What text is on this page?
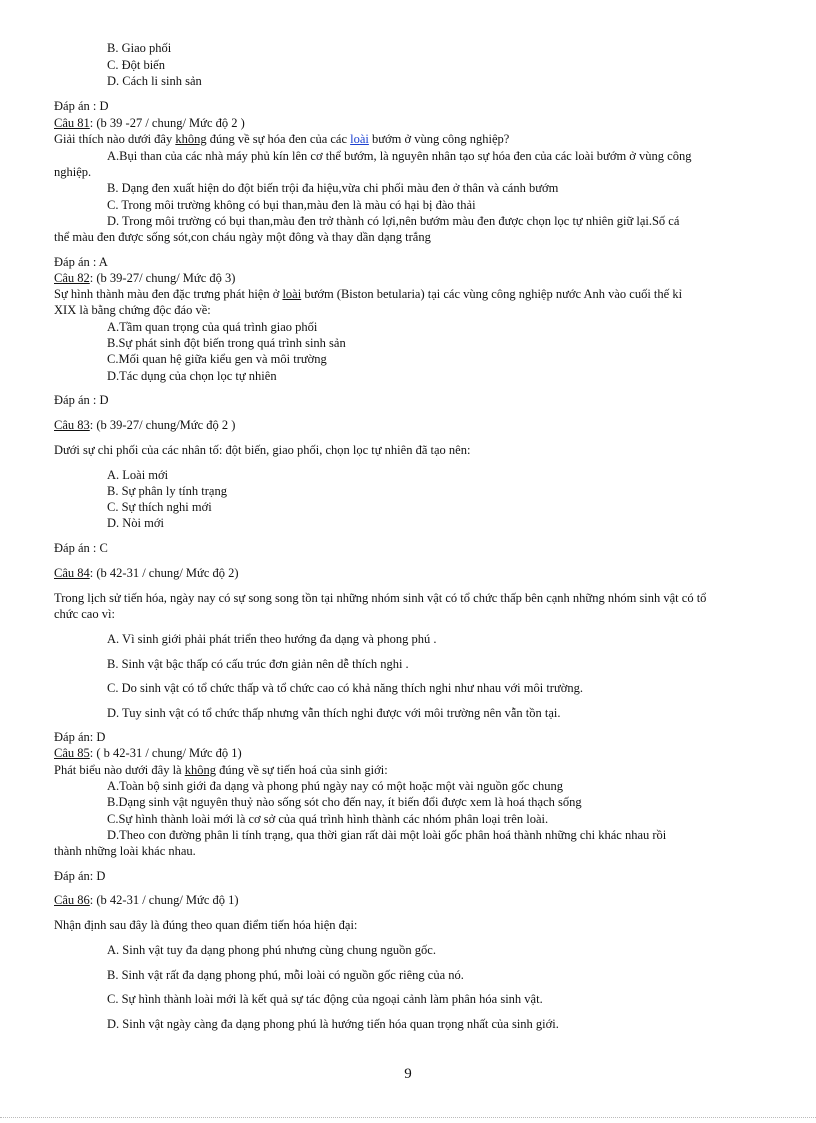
B. Giao phối
C. Đột biến
D. Cách li sinh sản
Đáp án : D
Câu 81: (b 39 -27 / chung/ Mức độ 2 )
Giải thích nào dưới đây không đúng về sự hóa đen của các loài bướm ở vùng công nghiệp?
A.Bụi than của các nhà máy phủ kín lên cơ thể bướm, là nguyên nhân tạo sự hóa đen của các loài bướm ở vùng công
nghiệp.
B. Dạng đen xuất hiện do đột biến trội đa hiệu,vừa chi phối màu đen ở thân và cánh bướm
C. Trong môi trường không có bụi than,màu đen là màu có hại bị đào thải
D. Trong môi trường có bụi than,màu đen trở thành có lợi,nên bướm màu đen được chọn lọc tự nhiên giữ lại.Số cá
thể màu đen được sống sót,con cháu ngày một đông và thay dần dạng trắng
Đáp án : A
Câu 82: (b 39-27/ chung/ Mức độ 3)
Sự hình thành màu đen đặc trưng phát hiện ở loài bướm (Biston betularia) tại các vùng công nghiệp nước Anh vào cuối thế kỉ
XIX là bằng chứng độc đáo về:
A.Tầm quan trọng của quá trình giao phối
B.Sự phát sinh đột biến trong quá trình sinh sản
C.Mối quan hệ giữa kiểu gen và môi trường
D.Tác dụng của chọn lọc tự nhiên
Đáp án : D
Câu 83: (b 39-27/ chung/Mức độ 2 )
Dưới sự chi phối của các nhân tố: đột biến, giao phối, chọn lọc tự nhiên đã tạo nên:
A. Loài mới
B. Sự phân ly tính trạng
C. Sự thích nghi mới
D. Nòi mới
Đáp án : C
Câu 84: (b 42-31 / chung/ Mức độ 2)
Trong lịch sử tiến hóa, ngày nay có sự song song tồn tại những nhóm sinh vật có tổ chức thấp bên cạnh những nhóm sinh vật có tổ
chức cao vì:
A. Vì sinh giới phải phát triển theo hướng đa dạng và phong phú .
B. Sinh vật bậc thấp có cấu trúc đơn giản nên dễ thích nghi .
C. Do sinh vật có tổ chức thấp và tổ chức cao có khả năng thích nghi như nhau với môi trường.
D. Tuy sinh vật có tổ chức thấp nhưng vẫn thích nghi được với môi trường nên vẫn tồn tại.
Đáp án: D
Câu 85: ( b 42-31 / chung/ Mức độ 1)
Phát biểu nào dưới đây là không đúng về sự tiến hoá của sinh giới:
A.Toàn bộ sinh giới đa dạng và phong phú ngày nay có một hoặc một vài nguồn gốc chung
B.Dạng sinh vật nguyên thuỷ nào sống sót cho đến nay, ít biến đổi được xem là hoá thạch sống
C.Sự hình thành loài mới là cơ sở của quá trình hình thành các nhóm phân loại trên loài.
D.Theo con đường phân li tính trạng, qua thời gian rất dài một loài gốc phân hoá thành những chi khác nhau rồi
thành những loài khác nhau.
Đáp án: D
Câu 86: (b 42-31 / chung/ Mức độ 1)
Nhận định sau đây là đúng theo quan điểm tiến hóa hiện đại:
A. Sinh vật tuy đa dạng phong phú nhưng cùng chung nguồn gốc.
B. Sinh vật rất đa dạng phong phú, mỗi loài có nguồn gốc riêng của nó.
C. Sự hình thành loài mới là kết quả sự tác động của ngoại cảnh làm phân hóa sinh vật.
D. Sinh vật ngày càng đa dạng phong phú là hướng tiến hóa quan trọng nhất của sinh giới.
9
